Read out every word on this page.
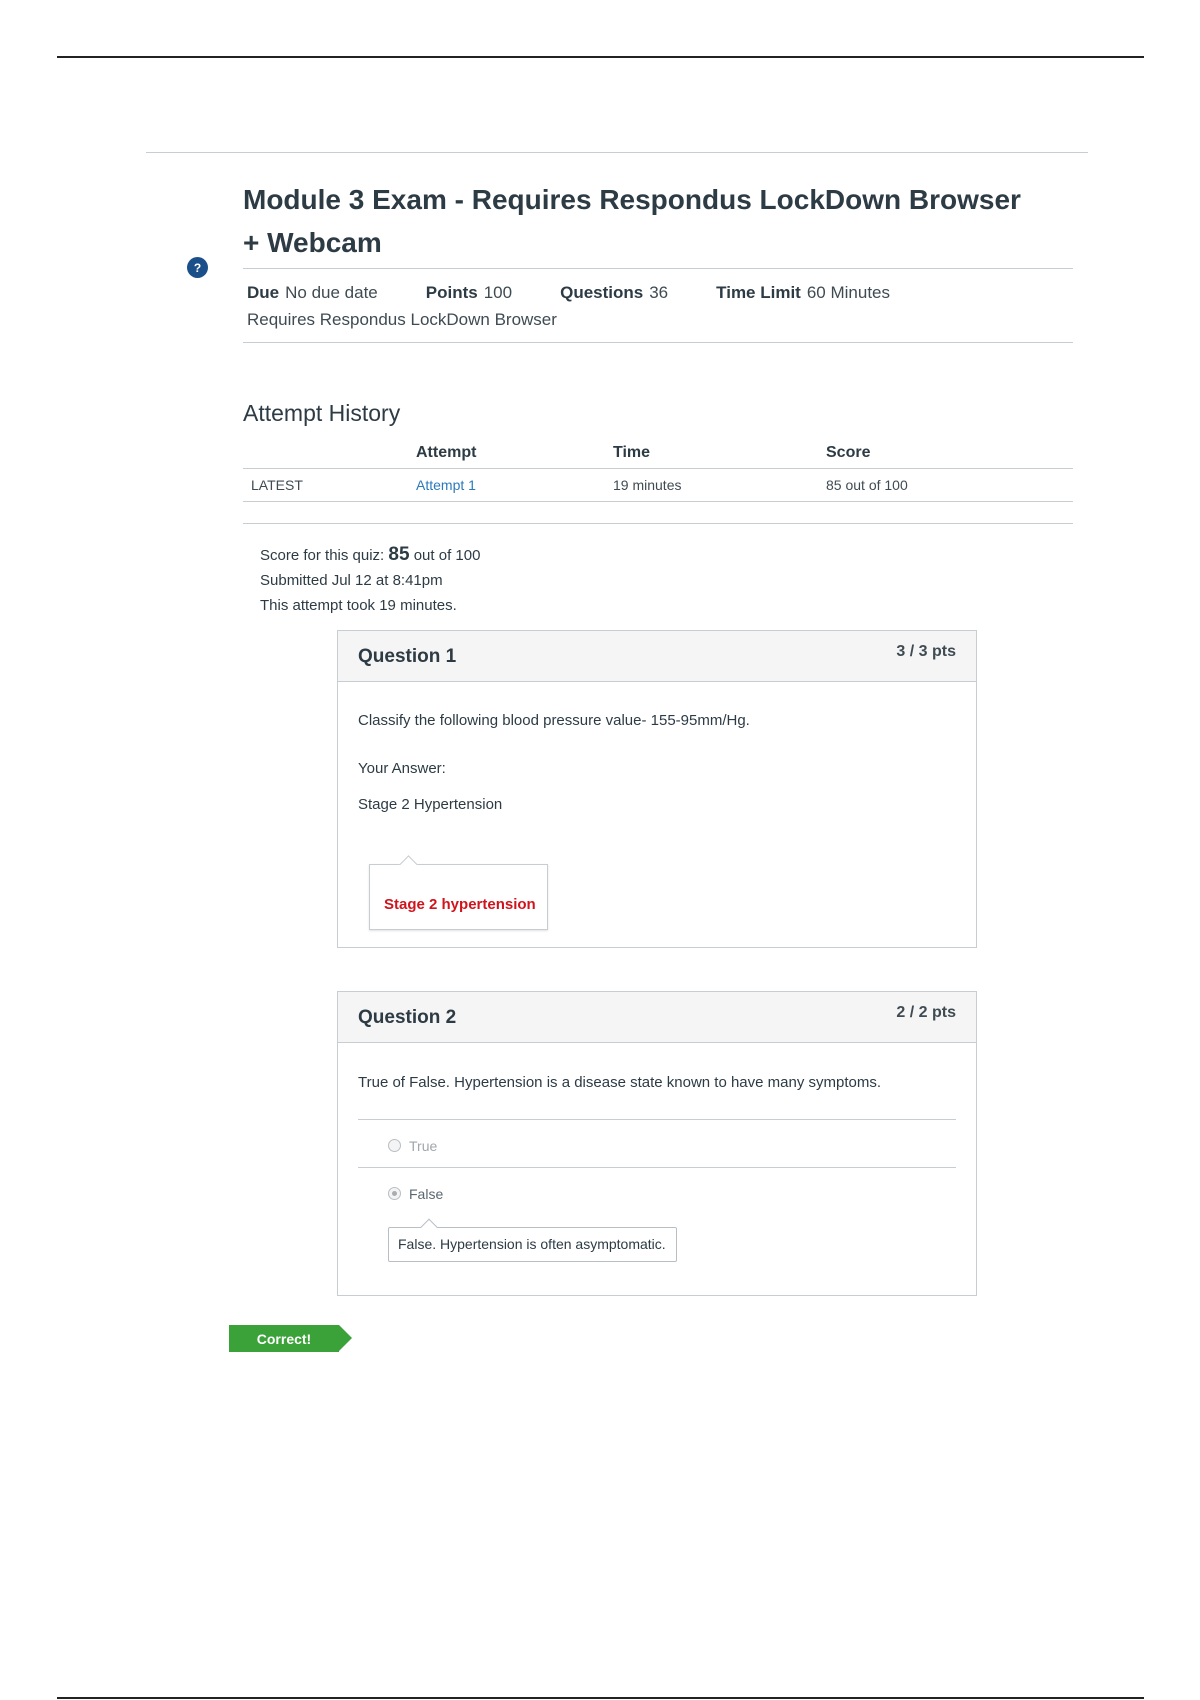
?
Module 3 Exam - Requires Respondus LockDown Browser + Webcam
Due No due date	Points 100	Questions 36	Time Limit 60 Minutes
Requires Respondus LockDown Browser
Attempt History
	Attempt	Time	Score
LATEST	Attempt 1	19 minutes	85 out of 100
Score for this quiz: 85 out of 100
Submitted Jul 12 at 8:41pm
This attempt took 19 minutes.
Question 1	3 / 3 pts
Classify the following blood pressure value- 155-95mm/Hg.
Your Answer:
Stage 2 Hypertension
Stage 2 hypertension
Question 2	2 / 2 pts
True of False. Hypertension is a disease state known to have many symptoms.
True
False
False. Hypertension is often asymptomatic.
Correct!
